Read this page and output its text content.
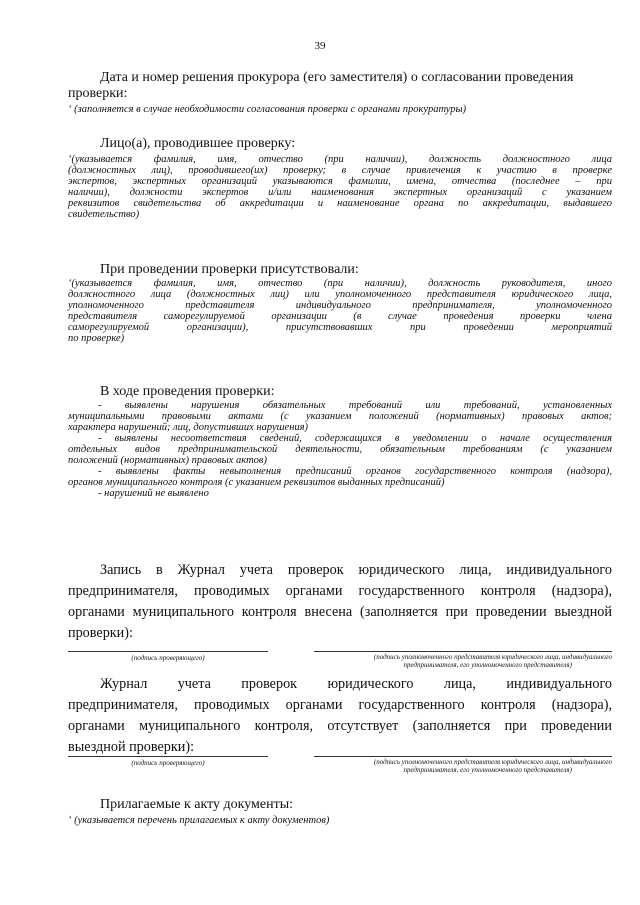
39
Дата и номер решения прокурора (его заместителя) о согласовании проведения
проверки:
ʻ (заполняется в случае необходимости согласования проверки с органами прокуратуры)
Лицо(а), проводившее проверку:
ʻ(указывается фамилия, имя, отчество (при наличии), должность должностного лица
(должностных лиц), проводившего(их) проверку; в случае привлечения к участию в проверке
экспертов, экспертных организаций указываются фамилии, имена, отчества (последнее – при
наличии), должности экспертов и/или наименования экспертных организаций с указанием
реквизитов свидетельства об аккредитации и наименование органа по аккредитации, выдавшего
свидетельство)
При проведении проверки присутствовали:
ʻ(указывается фамилия, имя, отчество (при наличии), должность руководителя, иного
должностного лица (должностных лиц) или уполномоченного представителя юридического лица,
уполномоченного представителя индивидуального предпринимателя, уполномоченного
представителя саморегулируемой организации (в случае проведения проверки члена
саморегулируемой организации), присутствовавших при проведении мероприятий
по проверке)
В ходе проведения проверки:
- выявлены нарушения обязательных требований или требований, установленных
муниципальными правовыми актами (с указанием положений (нормативных) правовых актов;
характера нарушений; лиц, допустивших нарушения)
- выявлены несоответствия сведений, содержащихся в уведомлении о начале осуществления
отдельных видов предпринимательской деятельности, обязательным требованиям (с указанием
положений (нормативных) правовых актов)
- выявлены факты невыполнения предписаний органов государственного контроля (надзора),
органов муниципального контроля (с указанием реквизитов выданных предписаний)
- нарушений не выявлено
Запись в Журнал учета проверок юридического лица, индивидуального
предпринимателя, проводимых органами государственного контроля (надзора),
органами муниципального контроля внесена (заполняется при проведении выездной
проверки):
(подпись проверяющего)	(подпись уполномоченного представителя юридического лица, индивидуального
предпринимателя, его уполномоченного представителя)
Журнал учета проверок юридического лица, индивидуального
предпринимателя, проводимых органами государственного контроля (надзора),
органами муниципального контроля, отсутствует (заполняется при проведении
выездной проверки):
(подпись проверяющего)	(подпись уполномоченного представителя юридического лица, индивидуального
предпринимателя, его уполномоченного представителя)
Прилагаемые к акту документы:
ʻ (указывается перечень прилагаемых к акту документов)
